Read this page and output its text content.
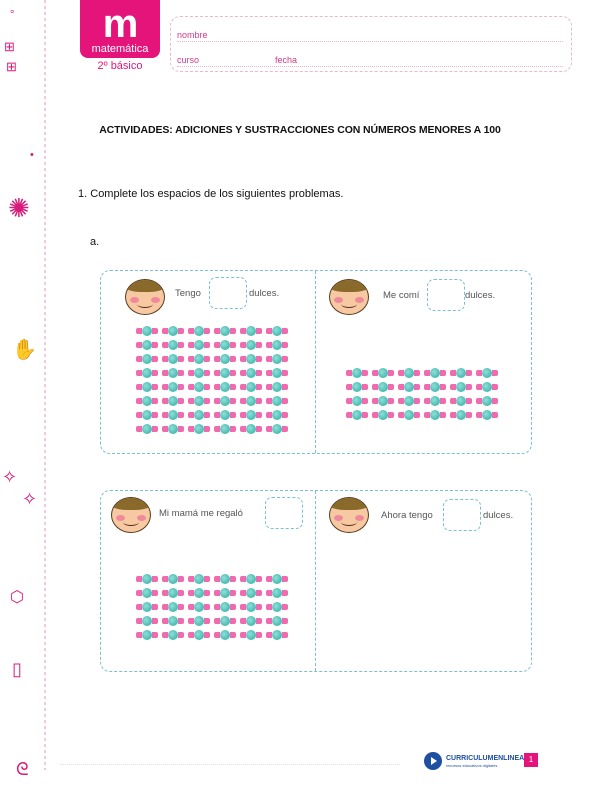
°
⊞
⊞
•
✺
✋
✧
✧
⬡
▯
ᘓ
m
matemática
2º básico
nombre
curso	fecha
ACTIVIDADES: ADICIONES Y SUSTRACCIONES CON NÚMEROS MENORES A 100
1. Complete los espacios de los siguientes problemas.
a.
Tengo	dulces.	Me comí	dulces.
Mi mamá me regaló	Ahora tengo	dulces.
CURRICULUMENLINEA
recursos educativos digitales
1
